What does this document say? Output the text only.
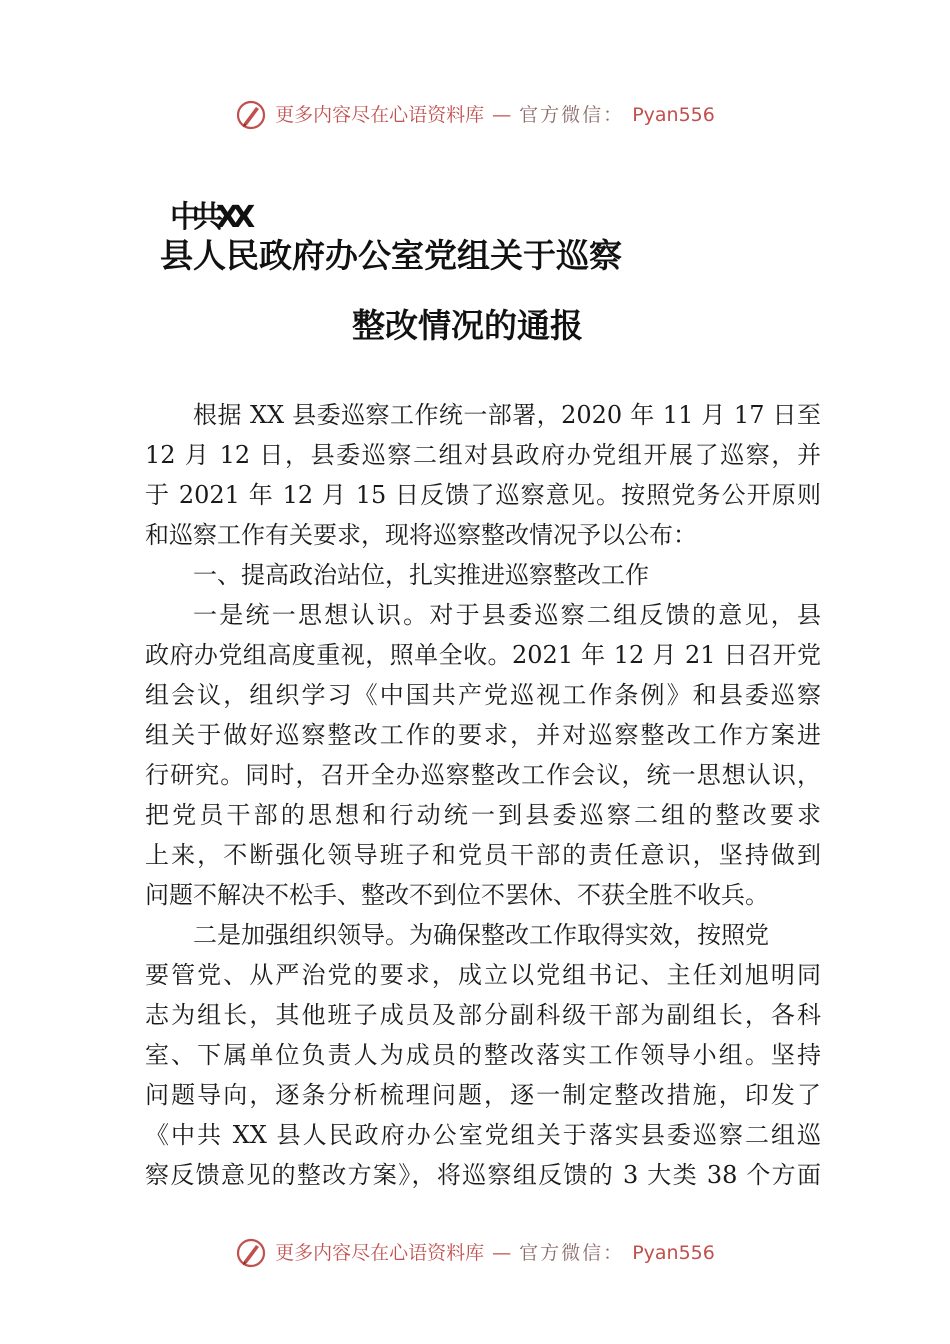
更多内容尽在心语资料库 — 官方微信： Pyan556
中共XX
县人民政府办公室党组关于巡察
整改情况的通报
根据 XX 县委巡察工作统一部署，2020 年 11 月 17 日至
12 月 12 日，县委巡察二组对县政府办党组开展了巡察，并
于 2021 年 12 月 15 日反馈了巡察意见。按照党务公开原则
和巡察工作有关要求，现将巡察整改情况予以公布：
一、提高政治站位，扎实推进巡察整改工作
一是统一思想认识。对于县委巡察二组反馈的意见，县
政府办党组高度重视，照单全收。2021 年 12 月 21 日召开党
组会议，组织学习《中国共产党巡视工作条例》和县委巡察
组关于做好巡察整改工作的要求，并对巡察整改工作方案进
行研究。同时，召开全办巡察整改工作会议，统一思想认识，
把党员干部的思想和行动统一到县委巡察二组的整改要求
上来，不断强化领导班子和党员干部的责任意识，坚持做到
问题不解决不松手、整改不到位不罢休、不获全胜不收兵。
二是加强组织领导。为确保整改工作取得实效，按照党
要管党、从严治党的要求，成立以党组书记、主任刘旭明同
志为组长，其他班子成员及部分副科级干部为副组长，各科
室、下属单位负责人为成员的整改落实工作领导小组。坚持
问题导向，逐条分析梳理问题，逐一制定整改措施，印发了
《中共 XX 县人民政府办公室党组关于落实县委巡察二组巡
察反馈意见的整改方案》，将巡察组反馈的 3 大类 38 个方面
更多内容尽在心语资料库 — 官方微信： Pyan556
